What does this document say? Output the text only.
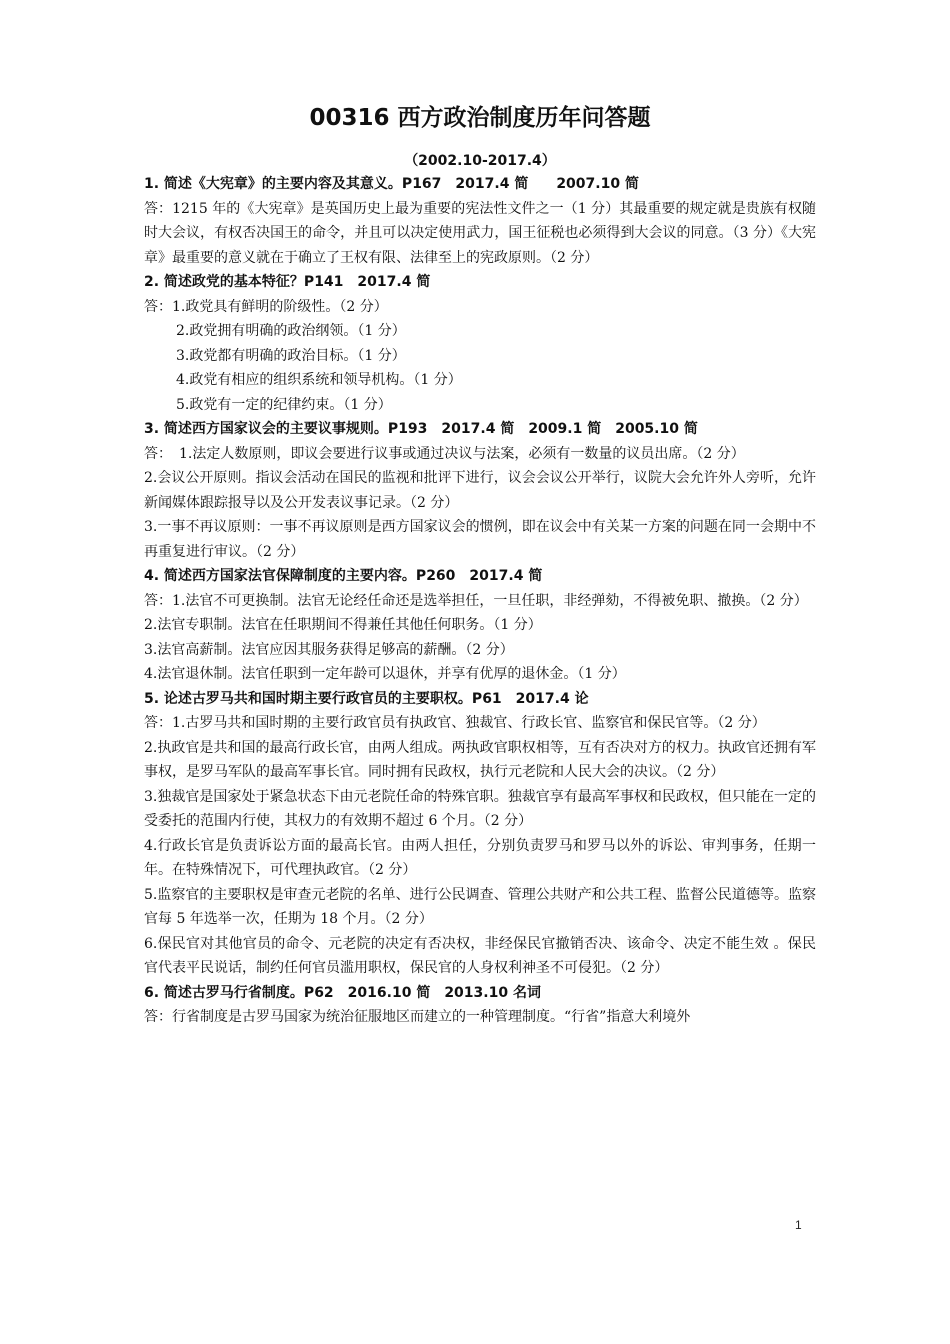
00316 西方政治制度历年问答题

（2002.10-2017.4）

1. 简述《大宪章》的主要内容及其意义。P167　2017.4 简　　2007.10 简

答：1215 年的《大宪章》是英国历史上最为重要的宪法性文件之一（1 分）其最重要的规定就是贵族有权随时大会议，有权否决国王的命令，并且可以决定使用武力，国王征税也必须得到大会议的同意。（3 分）《大宪章》最重要的意义就在于确立了王权有限、法律至上的宪政原则。（2 分）

2. 简述政党的基本特征？P141　2017.4 简

答：1.政党具有鲜明的阶级性。（2 分）

2.政党拥有明确的政治纲领。（1 分）

3.政党都有明确的政治目标。（1 分）

4.政党有相应的组织系统和领导机构。（1 分）

5.政党有一定的纪律约束。（1 分）

3. 简述西方国家议会的主要议事规则。P193　2017.4 简　2009.1 简　2005.10 简

答：　1.法定人数原则，即议会要进行议事或通过决议与法案，必须有一数量的议员出席。（2 分）

2.会议公开原则。指议会活动在国民的监视和批评下进行，议会会议公开举行，议院大会允许外人旁听，允许新闻媒体跟踪报导以及公开发表议事记录。（2 分）

3.一事不再议原则：一事不再议原则是西方国家议会的惯例，即在议会中有关某一方案的问题在同一会期中不再重复进行审议。（2 分）

4. 简述西方国家法官保障制度的主要内容。P260　2017.4 简

答：1.法官不可更换制。法官无论经任命还是选举担任，一旦任职，非经弹劾，不得被免职、撤换。（2 分）

2.法官专职制。法官在任职期间不得兼任其他任何职务。（1 分）

3.法官高薪制。法官应因其服务获得足够高的薪酬。（2 分）

4.法官退休制。法官任职到一定年龄可以退休，并享有优厚的退休金。（1 分）

5. 论述古罗马共和国时期主要行政官员的主要职权。P61　2017.4 论

答：1.古罗马共和国时期的主要行政官员有执政官、独裁官、行政长官、监察官和保民官等。（2 分）

2.执政官是共和国的最高行政长官，由两人组成。两执政官职权相等，互有否决对方的权力。执政官还拥有军事权，是罗马军队的最高军事长官。同时拥有民政权，执行元老院和人民大会的决议。（2 分）

3.独裁官是国家处于紧急状态下由元老院任命的特殊官职。独裁官享有最高军事权和民政权，但只能在一定的受委托的范围内行使，其权力的有效期不超过 6 个月。（2 分）

4.行政长官是负责诉讼方面的最高长官。由两人担任，分别负责罗马和罗马以外的诉讼、审判事务，任期一年。在特殊情况下，可代理执政官。（2 分）

5.监察官的主要职权是审查元老院的名单、进行公民调查、管理公共财产和公共工程、监督公民道德等。监察官每 5 年选举一次，任期为 18 个月。（2 分）

6.保民官对其他官员的命令、元老院的决定有否决权，非经保民官撤销否决、该命令、决定不能生效 。保民官代表平民说话，制约任何官员滥用职权，保民官的人身权利神圣不可侵犯。（2 分）

6. 简述古罗马行省制度。P62　2016.10 简　2013.10 名词

答：行省制度是古罗马国家为统治征服地区而建立的一种管理制度。“行省”指意大利境外

1
